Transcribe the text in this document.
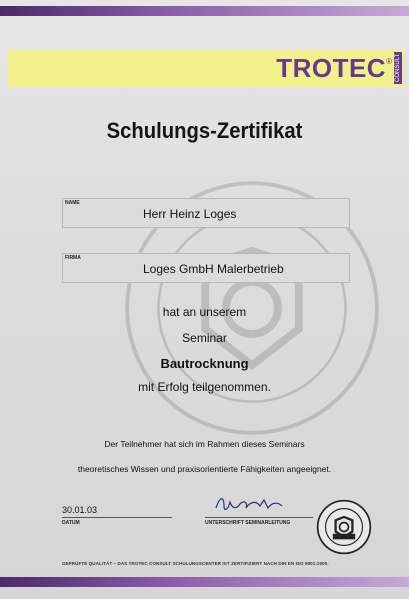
TROTEC ® CONSULT
Schulungs-Zertifikat
NAME
Herr Heinz Loges
FIRMA
Loges GmbH Malerbetrieb
hat an unserem
Seminar
Bautrocknung
mit Erfolg teilgenommen.
Der Teilnehmer hat sich im Rahmen dieses Seminars
theoretisches Wissen und praxisorientierte Fähigkeiten angeeignet.
30.01.03
DATUM	UNTERSCHRIFT SEMINARLEITUNG
GEPRÜFTE QUALITÄT – DAS TROTEC CONSULT SCHULUNGSCENTER IST ZERTIFIZIERT NACH DIN EN ISO 9001:2000.
